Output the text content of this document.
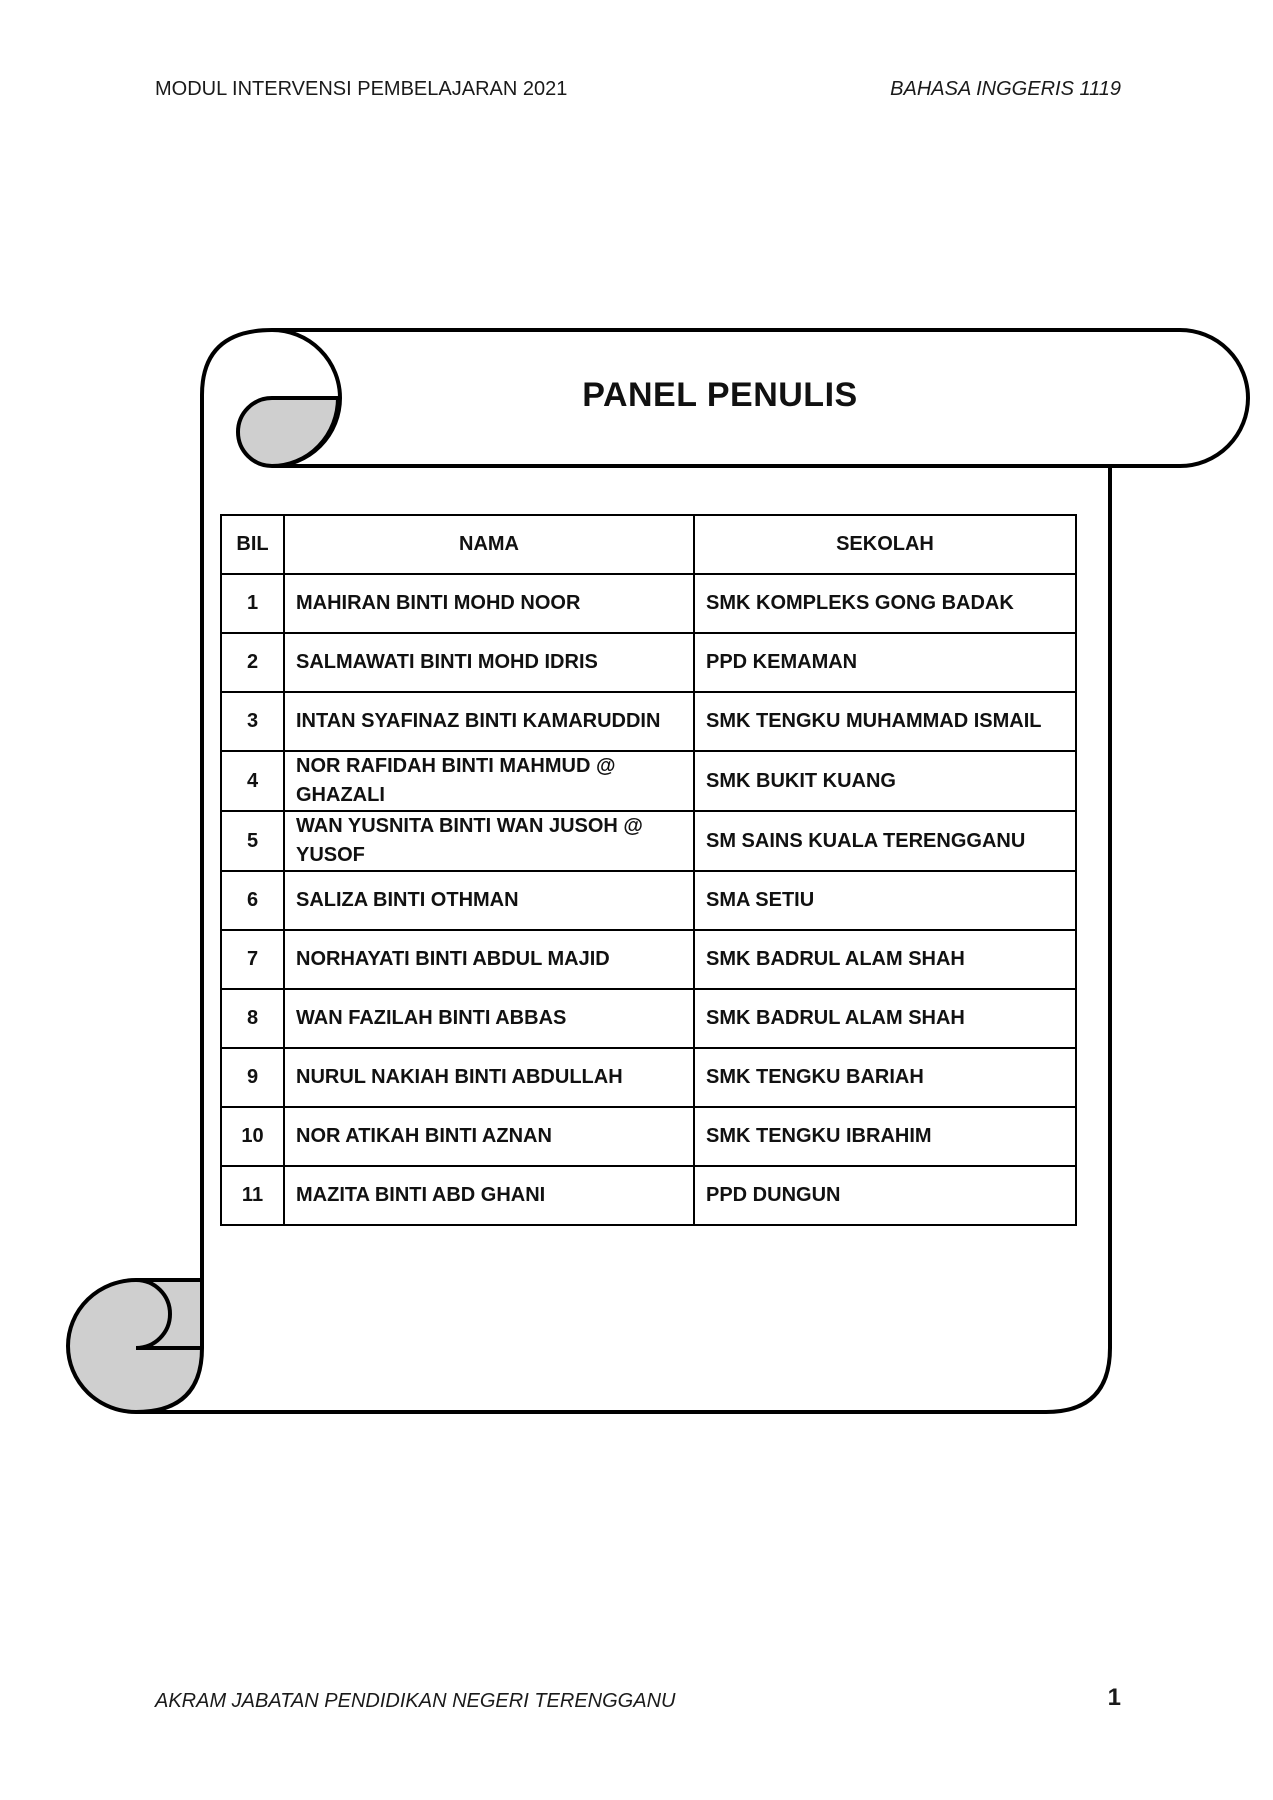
MODUL INTERVENSI PEMBELAJARAN 2021	BAHASA INGGERIS 1119
PANEL PENULIS
BIL	NAMA	SEKOLAH
1	MAHIRAN BINTI MOHD NOOR	SMK KOMPLEKS GONG BADAK
2	SALMAWATI BINTI MOHD IDRIS	PPD KEMAMAN
3	INTAN SYAFINAZ BINTI KAMARUDDIN	SMK TENGKU MUHAMMAD ISMAIL
4	NOR RAFIDAH BINTI MAHMUD @ GHAZALI	SMK BUKIT KUANG
5	WAN YUSNITA BINTI WAN JUSOH @ YUSOF	SM SAINS KUALA TERENGGANU
6	SALIZA BINTI OTHMAN	SMA SETIU
7	NORHAYATI BINTI ABDUL MAJID	SMK BADRUL ALAM SHAH
8	WAN FAZILAH BINTI ABBAS	SMK BADRUL ALAM SHAH
9	NURUL NAKIAH BINTI ABDULLAH	SMK TENGKU BARIAH
10	NOR ATIKAH BINTI AZNAN	SMK TENGKU IBRAHIM
11	MAZITA BINTI ABD GHANI	PPD DUNGUN
AKRAM JABATAN PENDIDIKAN NEGERI TERENGGANU	1
